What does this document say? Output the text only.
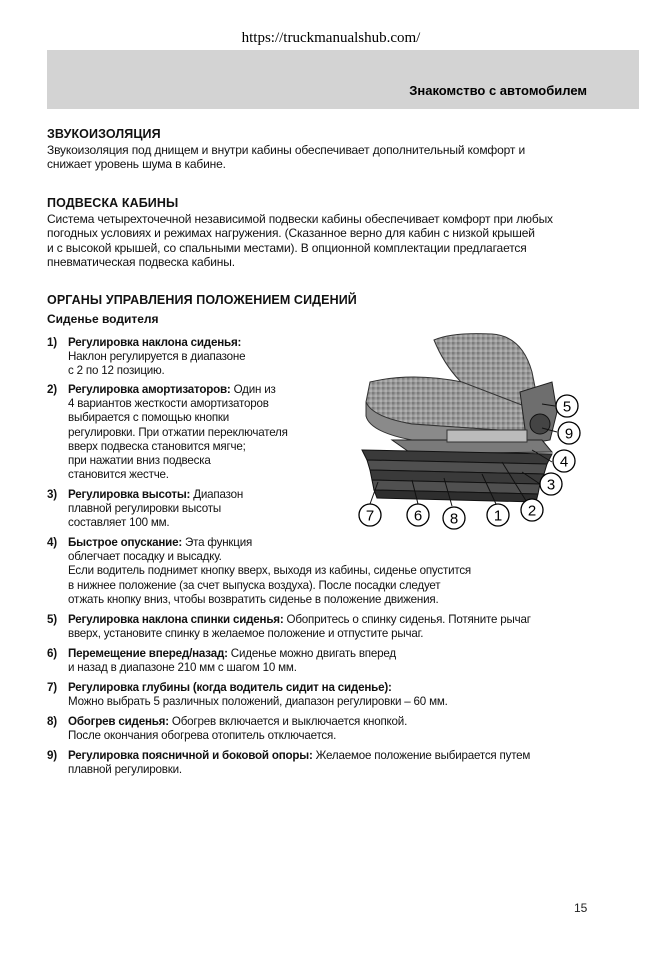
https://truckmanualshub.com/
Знакомство с автомобилем
ЗВУКОИЗОЛЯЦИЯ
Звукоизоляция под днищем и внутри кабины обеспечивает дополнительный комфорт и
снижает уровень шума в кабине.
ПОДВЕСКА КАБИНЫ
Система четырехточечной независимой подвески кабины обеспечивает комфорт при любых
погодных условиях и режимах нагружения. (Сказанное верно для кабин с низкой крышей
и с высокой крышей, со спальными местами). В опционной комплектации предлагается
пневматическая подвеска кабины.
ОРГАНЫ УПРАВЛЕНИЯ ПОЛОЖЕНИЕМ СИДЕНИЙ
Сиденье водителя
1) Регулировка наклона сиденья:
Наклон регулируется в диапазоне
с 2 по 12 позицию.
2) Регулировка амортизаторов: Один из
4 вариантов жесткости амортизаторов
выбирается с помощью кнопки
регулировки. При отжатии переключателя
вверх подвеска становится мягче;
при нажатии вниз подвеска
становится жестче.
3) Регулировка высоты: Диапазон
плавной регулировки высоты
составляет 100 мм.
4) Быстрое опускание: Эта функция
облегчает посадку и высадку.
Если водитель поднимет кнопку вверх, выходя из кабины, сиденье опустится
в нижнее положение (за счет выпуска воздуха). После посадки следует
отжать кнопку вниз, чтобы возвратить сиденье в положение движения.
5) Регулировка наклона спинки сиденья: Обопритесь о спинку сиденья. Потяните рычаг
вверх, установите спинку в желаемое положение и отпустите рычаг.
6) Перемещение вперед/назад: Сиденье можно двигать вперед
и назад в диапазоне 210 мм с шагом 10 мм.
7) Регулировка глубины (когда водитель сидит на сиденье):
Можно выбрать 5 различных положений, диапазон регулировки – 60 мм.
8) Обогрев сиденья: Обогрев включается и выключается кнопкой.
После окончания обогрева отопитель отключается.
9) Регулировка поясничной и боковой опоры: Желаемое положение выбирается путем
плавной регулировки.
5
9
4
3
7	6 8 1 2
15
